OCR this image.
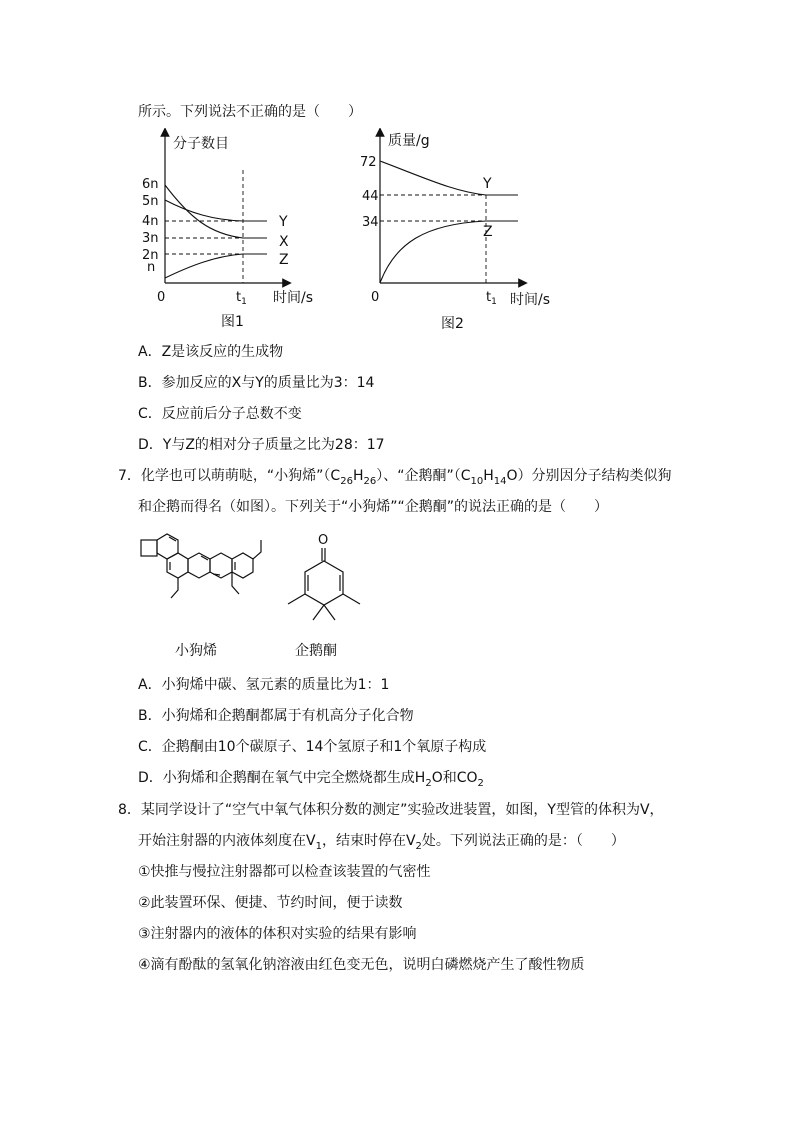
所示。下列说法不正确的是（　　）
分子数目
6n
5n
4n
3n
2n
n
Y
X
Z
0	$t_1$ 时间/s
图1
质量/g
72
44
34
Y
Z
0	$t_1$ 时间/s
图2
A．Z是该反应的生成物
B．参加反应的X与Y的质量比为3：14
C．反应前后分子总数不变
D．Y与Z的相对分子质量之比为28：17
7．化学也可以萌萌哒，“小狗烯$”(C_{26}H_{26})$、“企鹅酮$”(C_{10}H_{14}O)$分别因分子结构类似狗
和企鹅而得名（如图）。下列关于“小狗烯”“企鹅酮”的说法正确的是（　　）
小狗烯
O
企鹅酮
A．小狗烯中碳、氢元素的质量比为1：1
B．小狗烯和企鹅酮都属于有机高分子化合物
C．企鹅酮由10个碳原子、14个氢原子和1个氧原子构成
D．小狗烯和企鹅酮在氧气中完全燃烧都生成$H_2O$和$CO_2$
8．某同学设计了“空气中氧气体积分数的测定”实验改进装置，如图，Y型管的体积为V，
开始注射器的内液体刻度在$V_1$，结束时停在$V_2$处。下列说法正确的是：（　　）
①快推与慢拉注射器都可以检查该装置的气密性
②此装置环保、便捷、节约时间，便于读数
③注射器内的液体的体积对实验的结果有影响
④滴有酚酞的氢氧化钠溶液由红色变无色，说明白磷燃烧产生了酸性物质
